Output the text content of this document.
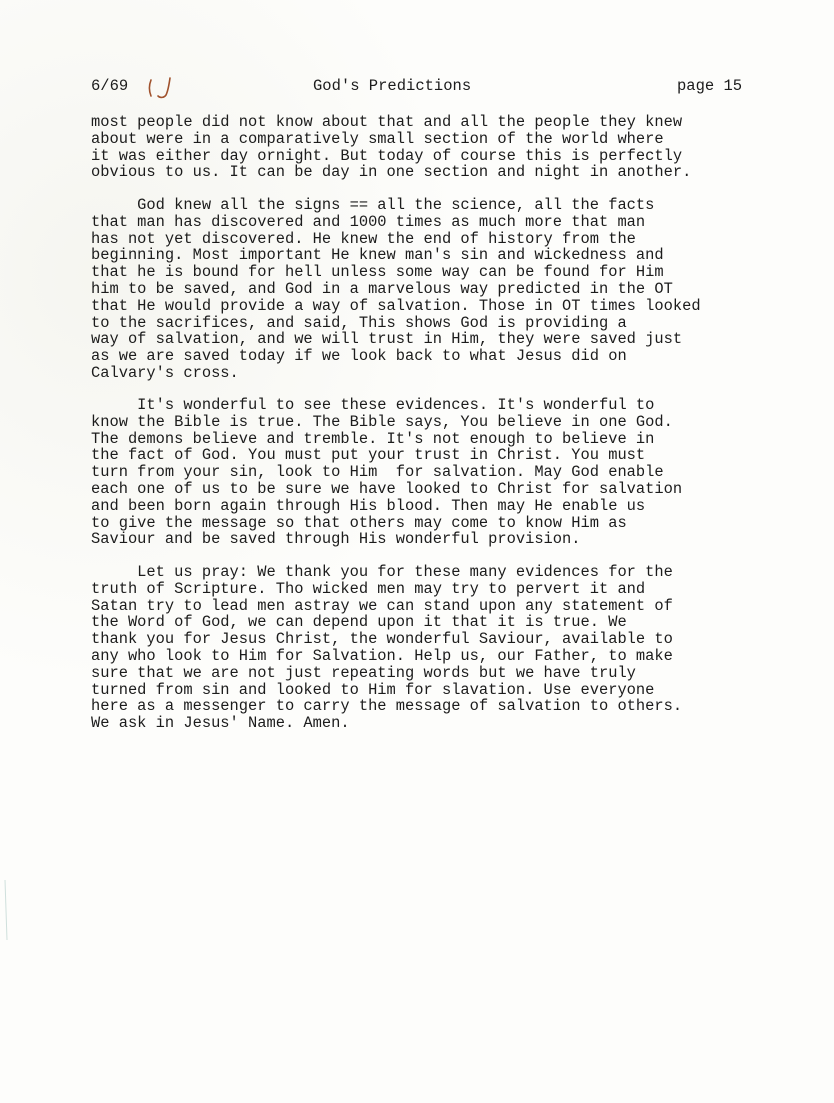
6/69	God's Predictions	page 15

most people did not know about that and all the people they knew
about were in a comparatively small section of the world where
it was either day ornight. But today of course this is perfectly
obvious to us. It can be day in one section and night in another.

God knew all the signs == all the science, all the facts
that man has discovered and 1000 times as much more that man
has not yet discovered. He knew the end of history from the
beginning. Most important He knew man's sin and wickedness and
that he is bound for hell unless some way can be found for Him
him to be saved, and God in a marvelous way predicted in the OT
that He would provide a way of salvation. Those in OT times looked
to the sacrifices, and said, This shows God is providing a
way of salvation, and we will trust in Him, they were saved just
as we are saved today if we look back to what Jesus did on
Calvary's cross.

It's wonderful to see these evidences. It's wonderful to
know the Bible is true. The Bible says, You believe in one God.
The demons believe and tremble. It's not enough to believe in
the fact of God. You must put your trust in Christ. You must
turn from your sin, look to Him  for salvation. May God enable
each one of us to be sure we have looked to Christ for salvation
and been born again through His blood. Then may He enable us
to give the message so that others may come to know Him as
Saviour and be saved through His wonderful provision.

Let us pray: We thank you for these many evidences for the
truth of Scripture. Tho wicked men may try to pervert it and
Satan try to lead men astray we can stand upon any statement of
the Word of God, we can depend upon it that it is true. We
thank you for Jesus Christ, the wonderful Saviour, available to
any who look to Him for Salvation. Help us, our Father, to make
sure that we are not just repeating words but we have truly
turned from sin and looked to Him for slavation. Use everyone
here as a messenger to carry the message of salvation to others.
We ask in Jesus' Name. Amen.
